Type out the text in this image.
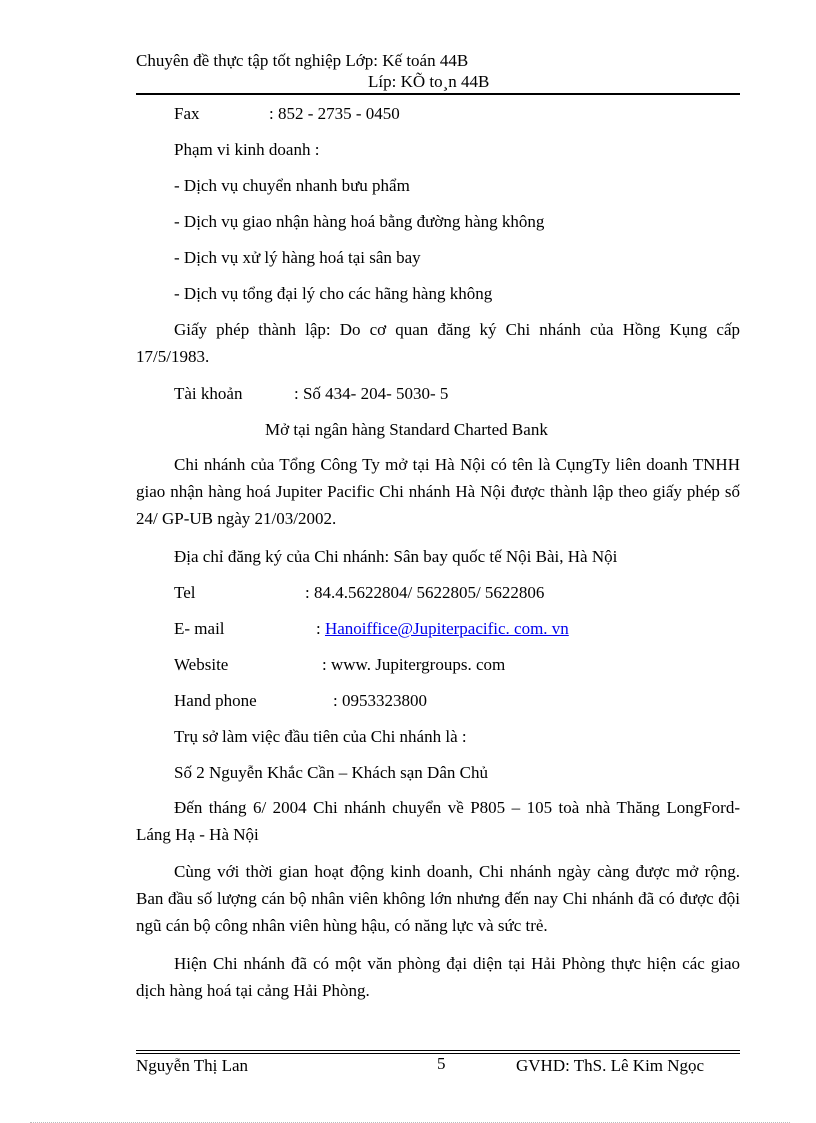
Chuyên đề thực tập tốt nghiệp Lớp: Kế toán 44B
Líp: KÕ to¸n 44B
Fax	: 852 - 2735 - 0450
Phạm vi kinh doanh :
- Dịch vụ chuyển nhanh bưu phẩm
- Dịch vụ giao nhận hàng hoá bằng đường hàng không
- Dịch vụ xử lý hàng hoá tại sân bay
- Dịch vụ tổng đại lý cho các hãng hàng không
Giấy phép thành lập: Do cơ quan đăng ký Chi nhánh của Hồng Kụng cấp 17/5/1983.
Tài khoản	: Số 434- 204- 5030- 5
Mở tại ngân hàng Standard Charted Bank
Chi nhánh của Tổng Công Ty mở tại Hà Nội có tên là CụngTy liên doanh TNHH giao nhận hàng hoá Jupiter Pacific Chi nhánh Hà Nội được thành lập theo giấy phép số 24/ GP-UB ngày 21/03/2002.
Địa chỉ đăng ký của Chi nhánh: Sân bay quốc tế Nội Bài, Hà Nội
Tel	: 84.4.5622804/ 5622805/ 5622806
E- mail	: Hanoiffice@Jupiterpacific. com. vn
Website	: www. Jupitergroups. com
Hand phone	: 0953323800
Trụ sở làm việc đầu tiên của Chi nhánh là :
Số 2 Nguyễn Khắc Cần – Khách sạn Dân Chủ
Đến tháng 6/ 2004 Chi nhánh chuyển về P805 – 105 toà nhà Thăng LongFord- Láng Hạ - Hà Nội
Cùng với thời gian hoạt động kinh doanh, Chi nhánh ngày càng được mở rộng. Ban đầu số lượng cán bộ nhân viên không lớn nhưng đến nay Chi nhánh đã có được đội ngũ cán bộ công nhân viên hùng hậu, có năng lực và sức trẻ.
Hiện Chi nhánh đã có một văn phòng đại diện tại Hải Phòng thực hiện các giao dịch hàng hoá tại cảng Hải Phòng.
Nguyễn Thị Lan	5	GVHD: ThS. Lê Kim Ngọc
